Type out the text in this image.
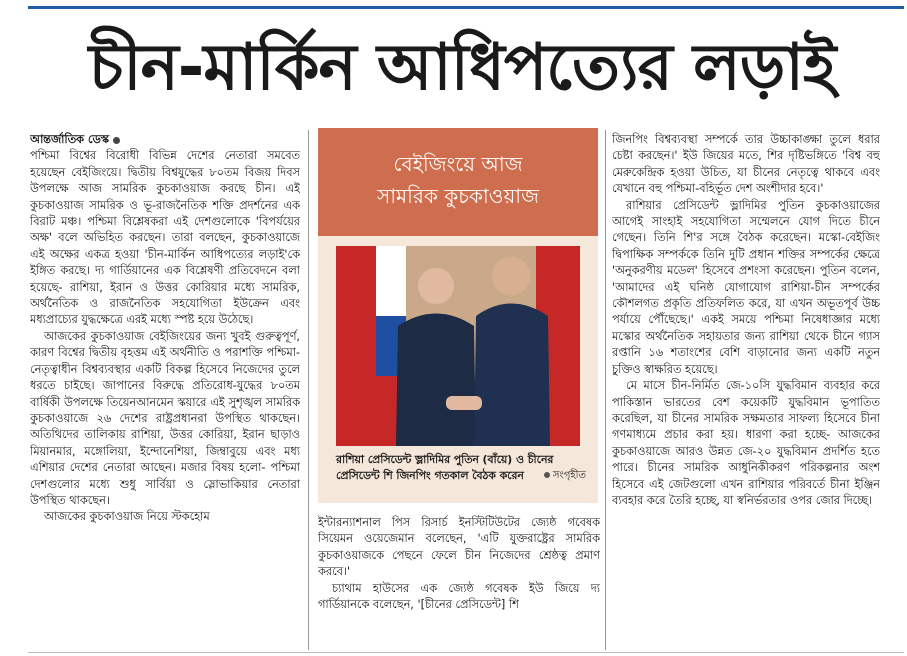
চীন-মার্কিন আধিপত্যের লড়াই

আন্তর্জাতিক ডেস্ক

পশ্চিমা বিশ্বের বিরোধী বিভিন্ন দেশের নেতারা সমবেত হয়েছেন বেইজিংয়ে। দ্বিতীয় বিশ্বযুদ্ধের ৮০তম বিজয় দিবস উপলক্ষে আজ সামরিক কুচকাওয়াজ করছে চীন। এই কুচকাওয়াজ সামরিক ও ভূ-রাজনৈতিক শক্তি প্রদর্শনের এক বিরাট মঞ্চ। পশ্চিমা বিশ্লেষকরা এই দেশগুলোকে 'বিপর্যয়ের অক্ষ' বলে অভিহিত করছেন। তারা বলছেন, কুচকাওয়াজে এই অক্ষের একত্র হওয়া 'চীন-মার্কিন আধিপত্যের লড়াই'কে ইঙ্গিত করছে। দ্য গার্ডিয়ানের এক বিশ্লেষণী প্রতিবেদনে বলা হয়েছে- রাশিয়া, ইরান ও উত্তর কোরিয়ার মধ্যে সামরিক, অর্থনৈতিক ও রাজনৈতিক সহযোগিতা ইউক্রেন এবং মধ্যপ্রাচ্যের যুদ্ধক্ষেত্রে এরই মধ্যে স্পষ্ট হয়ে উঠেছে।

আজকের কুচকাওয়াজ বেইজিংয়ের জন্য খুবই গুরুত্বপূর্ণ, কারণ বিশ্বের দ্বিতীয় বৃহত্তম এই অর্থনীতি ও পরাশক্তি পশ্চিমা-নেতৃত্বাধীন বিশ্বব্যবস্থার একটি বিকল্প হিসেবে নিজেদের তুলে ধরতে চাইছে। জাপানের বিরুদ্ধে প্রতিরোধ-যুদ্ধের ৮০তম বার্ষিকী উপলক্ষে তিয়েনআনমেন স্কয়ারে এই সুশৃঙ্খল সামরিক কুচকাওয়াজে ২৬ দেশের রাষ্ট্রপ্রধানরা উপস্থিত থাকছেন। অতিথিদের তালিকায় রাশিয়া, উত্তর কোরিয়া, ইরান ছাড়াও মিয়ানমার, মঙ্গোলিয়া, ইন্দোনেশিয়া, জিম্বাবুয়ে এবং মধ্য এশিয়ার দেশের নেতারা আছেন। মজার বিষয় হলো- পশ্চিমা দেশগুলোর মধ্যে শুধু সার্বিয়া ও স্লোভাকিয়ার নেতারা উপস্থিত থাকছেন।

আজকের কুচকাওয়াজ নিয়ে স্টকহোম

বেইজিংয়ে আজ
সামরিক কুচকাওয়াজ
রাশিয়া প্রেসিডেন্ট ভ্লাদিমির পুতিন (বাঁয়ে) ও চীনের প্রেসিডেন্ট শি জিনপিং গতকাল বৈঠক করেন	সংগৃহীত

ইন্টারন্যাশনাল পিস রিসার্চ ইনস্টিটিউটের জ্যেষ্ঠ গবেষক সিয়েমন ওয়েজেমান বলেছেন, 'এটি যুক্তরাষ্ট্রের সামরিক কুচকাওয়াজকে পেছনে ফেলে চীন নিজেদের শ্রেষ্ঠত্ব প্রমাণ করবে।'

চ্যাথাম হাউসের এক জ্যেষ্ঠ গবেষক ইউ জিয়ে দ্য গার্ডিয়ানকে বলেছেন, '[চীনের প্রেসিডেন্ট] শি

জিনপিং বিশ্বব্যবস্থা সম্পর্কে তার উচ্চাকাঙ্ক্ষা তুলে ধরার চেষ্টা করছেন।' ইউ জিয়ের মতে, শির দৃষ্টিভঙ্গিতে 'বিশ্ব বহু মেরুকেন্দ্রিক হওয়া উচিত, যা চীনের নেতৃত্বে থাকবে এবং যেখানে বহু পশ্চিমা-বহির্ভূত দেশ অংশীদার হবে।'

রাশিয়ার প্রেসিডেন্ট ভ্লাদিমির পুতিন কুচকাওয়াজের আগেই সাংহাই সহযোগিতা সম্মেলনে যোগ দিতে চীনে গেছেন। তিনি শি'র সঙ্গে বৈঠক করেছেন। মস্কো-বেইজিং দ্বিপাক্ষিক সম্পর্ককে তিনি দুটি প্রধান শক্তির সম্পর্কের ক্ষেত্রে 'অনুকরণীয় মডেল' হিসেবে প্রশংসা করেছেন। পুতিন বলেন, 'আমাদের এই ঘনিষ্ঠ যোগাযোগ রাশিয়া-চীন সম্পর্কের কৌশলগত প্রকৃতি প্রতিফলিত করে, যা এখন অভূতপূর্ব উচ্চ পর্যায়ে পৌঁছেছে।' একই সময়ে পশ্চিমা নিষেধাজ্ঞার মধ্যে মস্কোর অর্থনৈতিক সহায়তার জন্য রাশিয়া থেকে চীনে গ্যাস রপ্তানি ১৬ শতাংশের বেশি বাড়ানোর জন্য একটি নতুন চুক্তিও স্বাক্ষরিত হয়েছে।

মে মাসে চীন-নির্মিত জে-১০সি যুদ্ধবিমান ব্যবহার করে পাকিস্তান ভারতের বেশ কয়েকটি যুদ্ধবিমান ভূপাতিত করেছিল, যা চীনের সামরিক সক্ষমতার সাফল্য হিসেবে চীনা গণমাধ্যমে প্রচার করা হয়। ধারণা করা হচ্ছে- আজকের কুচকাওয়াজে আরও উন্নত জে-২০ যুদ্ধবিমান প্রদর্শিত হতে পারে। চীনের সামরিক আধুনিকীকরণ পরিকল্পনার অংশ হিসেবে এই জেটগুলো এখন রাশিয়ার পরিবর্তে চীনা ইঞ্জিন ব্যবহার করে তৈরি হচ্ছে, যা স্বনির্ভরতার ওপর জোর দিচ্ছে।
